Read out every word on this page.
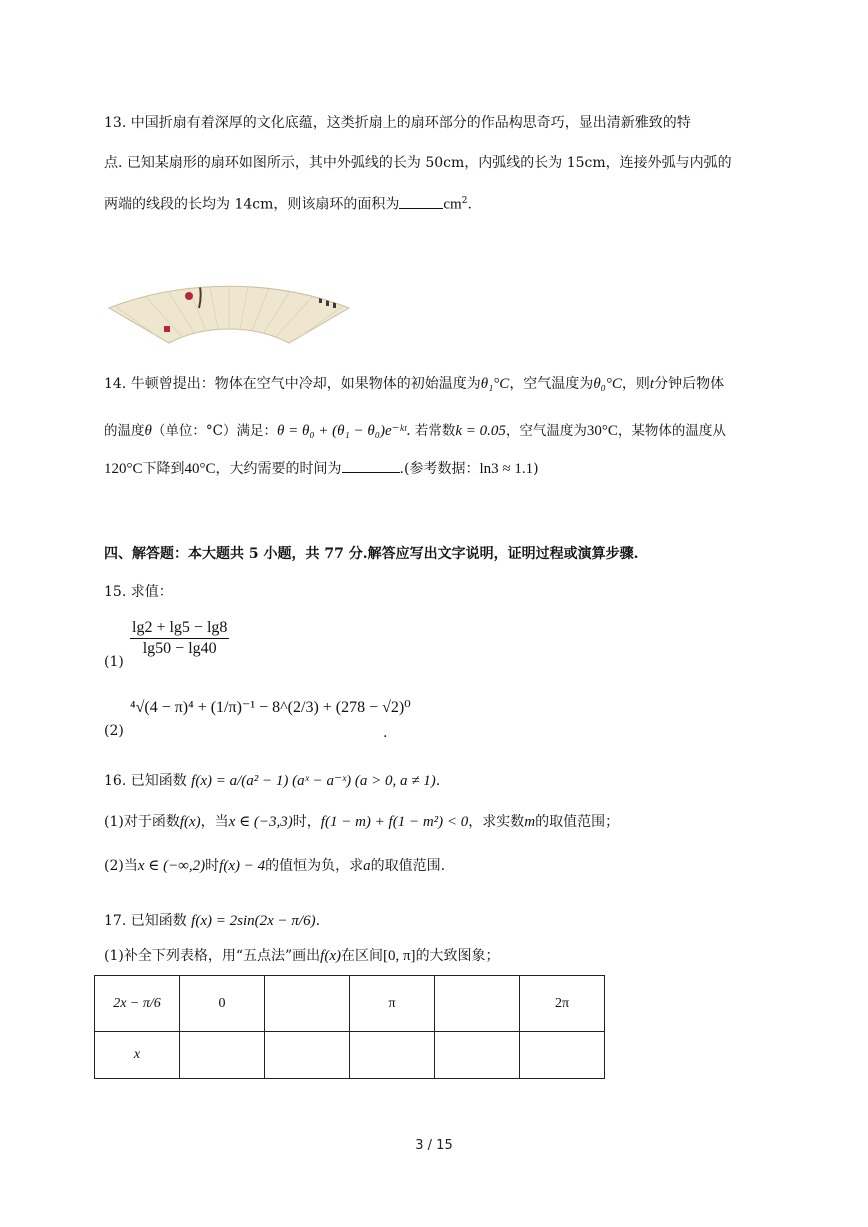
13. 中国折扇有着深厚的文化底蕴，这类折扇上的扇环部分的作品构思奇巧，显出清新雅致的特
点. 已知某扇形的扇环如图所示，其中外弧线的长为 50cm，内弧线的长为 15cm，连接外弧与内弧的
两端的线段的长均为 14cm，则该扇环的面积为	$cm^2$.
14. 牛顿曾提出：物体在空气中冷却，如果物体的初始温度为θ₁°C，空气温度为θ₀°C，则t分钟后物体
的温度θ（单位：°C）满足：θ = θ₀ + (θ₁ − θ₀)e⁻ᵏᵗ. 若常数k = 0.05，空气温度为30°C，某物体的温度从
120°C下降到40°C，大约需要的时间为	.(参考数据：ln3 ≈ 1.1)
四、解答题：本大题共 5 小题，共 77 分.解答应写出文字说明，证明过程或演算步骤.
15. 求值：
(1)
$\frac{\lg 2 + \lg 5 - \lg 8}{\lg 50 - \lg 40}$
(2)
⁴√(4 − π)⁴ + (1/π)⁻¹ − 8^(2/3) + (278 − √2)⁰
.
16. 已知函数 f(x) = a/(a² − 1) (aˣ − a⁻ˣ) (a > 0, a ≠ 1).
(1)对于函数f(x)，当x ∈ (−3,3)时，f(1 − m) + f(1 − m²) < 0，求实数m的取值范围；
(2)当x ∈ (−∞,2)时f(x) − 4的值恒为负，求a的取值范围.
17. 已知函数 f(x) = 2sin(2x − π/6).
(1)补全下列表格，用“五点法”画出f(x)在区间[0, π]的大致图象；
2x − π/6	0		π		2π
x					
3 / 15
